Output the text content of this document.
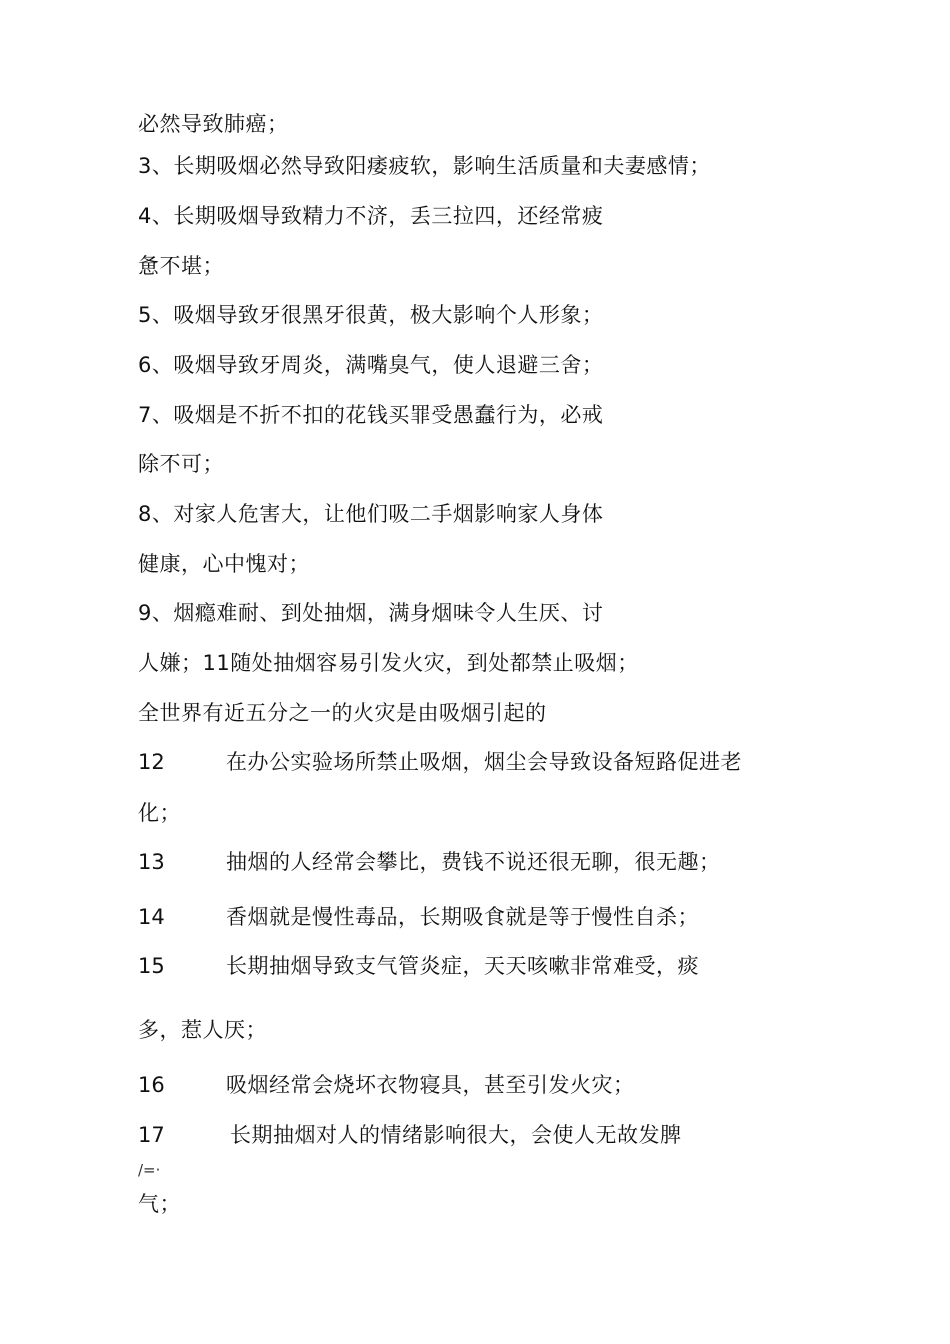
必然导致肺癌；
3、长期吸烟必然导致阳痿疲软，影响生活质量和夫妻感情；
4、长期吸烟导致精力不济，丢三拉四，还经常疲
惫不堪；
5、吸烟导致牙很黑牙很黄，极大影响个人形象；
6、吸烟导致牙周炎，满嘴臭气，使人退避三舍；
7、吸烟是不折不扣的花钱买罪受愚蠢行为，必戒
除不可；
8、对家人危害大，让他们吸二手烟影响家人身体
健康，心中愧对；
9、烟瘾难耐、到处抽烟，满身烟味令人生厌、讨
人嫌；11随处抽烟容易引发火灾，到处都禁止吸烟；
全世界有近五分之一的火灾是由吸烟引起的
12	在办公实验场所禁止吸烟，烟尘会导致设备短路促进老
化；
13	抽烟的人经常会攀比，费钱不说还很无聊，很无趣；
14	香烟就是慢性毒品，长期吸食就是等于慢性自杀；
15	长期抽烟导致支气管炎症，天天咳嗽非常难受，痰
多，惹人厌；
16	吸烟经常会烧坏衣物寝具，甚至引发火灾；
17	长期抽烟对人的情绪影响很大，会使人无故发脾
/=·
气；
